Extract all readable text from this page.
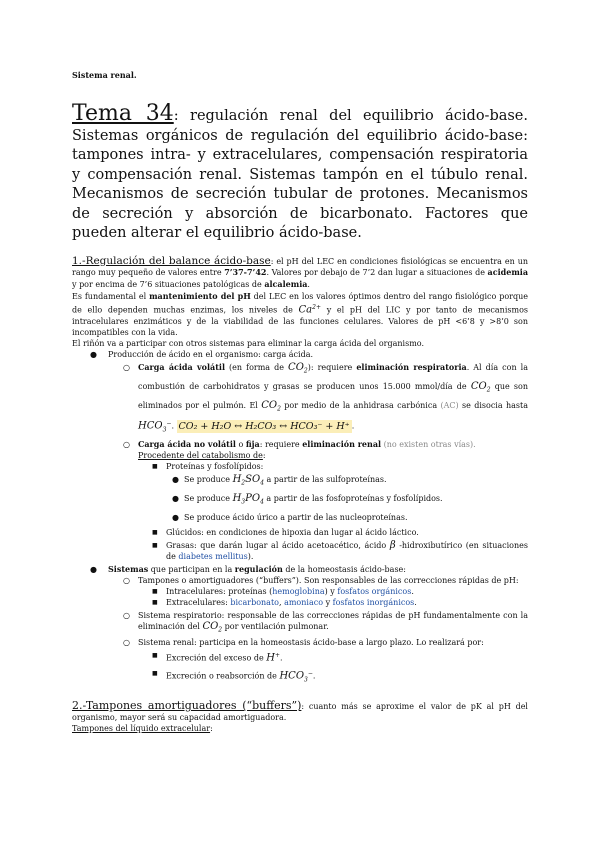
Sistema renal.
Tema 34: regulación renal del equilibrio ácido-base. Sistemas orgánicos de regulación del equilibrio ácido-base: tampones intra- y extracelulares, compensación respiratoria y compensación renal. Sistemas tampón en el túbulo renal. Mecanismos de secreción tubular de protones. Mecanismos de secreción y absorción de bicarbonato. Factores que pueden alterar el equilibrio ácido-base.

1.-Regulación del balance ácido-base: el pH del LEC en condiciones fisiológicas se encuentra en un rango muy pequeño de valores entre 7’37-7’42. Valores por debajo de 7’2 dan lugar a situaciones de acidemia y por encima de 7’6 situaciones patológicas de alcalemia.

Es fundamental el mantenimiento del pH del LEC en los valores óptimos dentro del rango fisiológico porque de ello dependen muchas enzimas, los niveles de $Ca^{2+}$ y el pH del LIC y por tanto de mecanismos intracelulares enzimáticos y de la viabilidad de las funciones celulares. Valores de pH <6’8 y >8’0 son incompatibles con la vida.

El riñón va a participar con otros sistemas para eliminar la carga ácida del organismo.

● Producción de ácido en el organismo: carga ácida.
○ Carga ácida volátil (en forma de $CO_2$): requiere eliminación respiratoria. Al día con la combustión de carbohidratos y grasas se producen unos 15.000 mmol/día de $CO_2$ que son eliminados por el pulmón. El $CO_2$ por medio de la anhidrasa carbónica (AC) se disocia hasta $HCO_3^-$. CO₂ + H₂O ↔ H₂CO₃ ↔ HCO₃⁻ + H⁺ .
○ Carga ácida no volátil o fija: requiere eliminación renal (no existen otras vías).
Procedente del catabolismo de:
■ Proteínas y fosfolípidos:
● Se produce $H_2SO_4$ a partir de las sulfoproteínas.
● Se produce $H_3PO_4$ a partir de las fosfoproteínas y fosfolípidos.
● Se produce ácido úrico a partir de las nucleoproteínas.
■ Glúcidos: en condiciones de hipoxia dan lugar al ácido láctico.
■ Grasas: que darán lugar al ácido acetoacético, ácido β -hidroxibutírico (en situaciones de diabetes mellitus).
● Sistemas que participan en la regulación de la homeostasis ácido-base:
○ Tampones o amortiguadores (“buffers”). Son responsables de las correcciones rápidas de pH:
■ Intracelulares: proteínas (hemoglobina) y fosfatos orgánicos.
■ Extracelulares: bicarbonato, amoniaco y fosfatos inorgánicos.
○ Sistema respiratorio: responsable de las correcciones rápidas de pH fundamentalmente con la eliminación del $CO_2$ por ventilación pulmonar.
○ Sistema renal: participa en la homeostasis ácido-base a largo plazo. Lo realizará por:
■ Excreción del exceso de H+.
■ Excreción o reabsorción de $HCO_3^-$.

2.-Tampones amortiguadores (“buffers”): cuanto más se aproxime el valor de pK al pH del organismo, mayor será su capacidad amortiguadora.

Tampones del líquido extracelular:
